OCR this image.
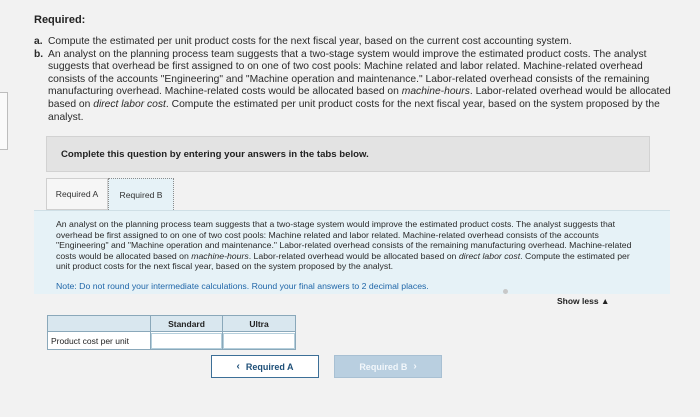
Required:
a. Compute the estimated per unit product costs for the next fiscal year, based on the current cost accounting system.
b. An analyst on the planning process team suggests that a two-stage system would improve the estimated product costs. The analyst suggests that overhead be first assigned to on one of two cost pools: Machine related and labor related. Machine-related overhead consists of the accounts "Engineering" and "Machine operation and maintenance." Labor-related overhead consists of the remaining manufacturing overhead. Machine-related costs would be allocated based on machine-hours. Labor-related overhead would be allocated based on direct labor cost. Compute the estimated per unit product costs for the next fiscal year, based on the system proposed by the analyst.
Complete this question by entering your answers in the tabs below.
Required A	Required B
An analyst on the planning process team suggests that a two-stage system would improve the estimated product costs. The analyst suggests that overhead be first assigned to on one of two cost pools: Machine related and labor related. Machine-related overhead consists of the accounts "Engineering" and "Machine operation and maintenance." Labor-related overhead consists of the remaining manufacturing overhead. Machine-related costs would be allocated based on machine-hours. Labor-related overhead would be allocated based on direct labor cost. Compute the estimated per unit product costs for the next fiscal year, based on the system proposed by the analyst.
Note: Do not round your intermediate calculations. Round your final answers to 2 decimal places.
Show less ▲
	Standard	Ultra
Product cost per unit		
‹ Required A	Required B ›
